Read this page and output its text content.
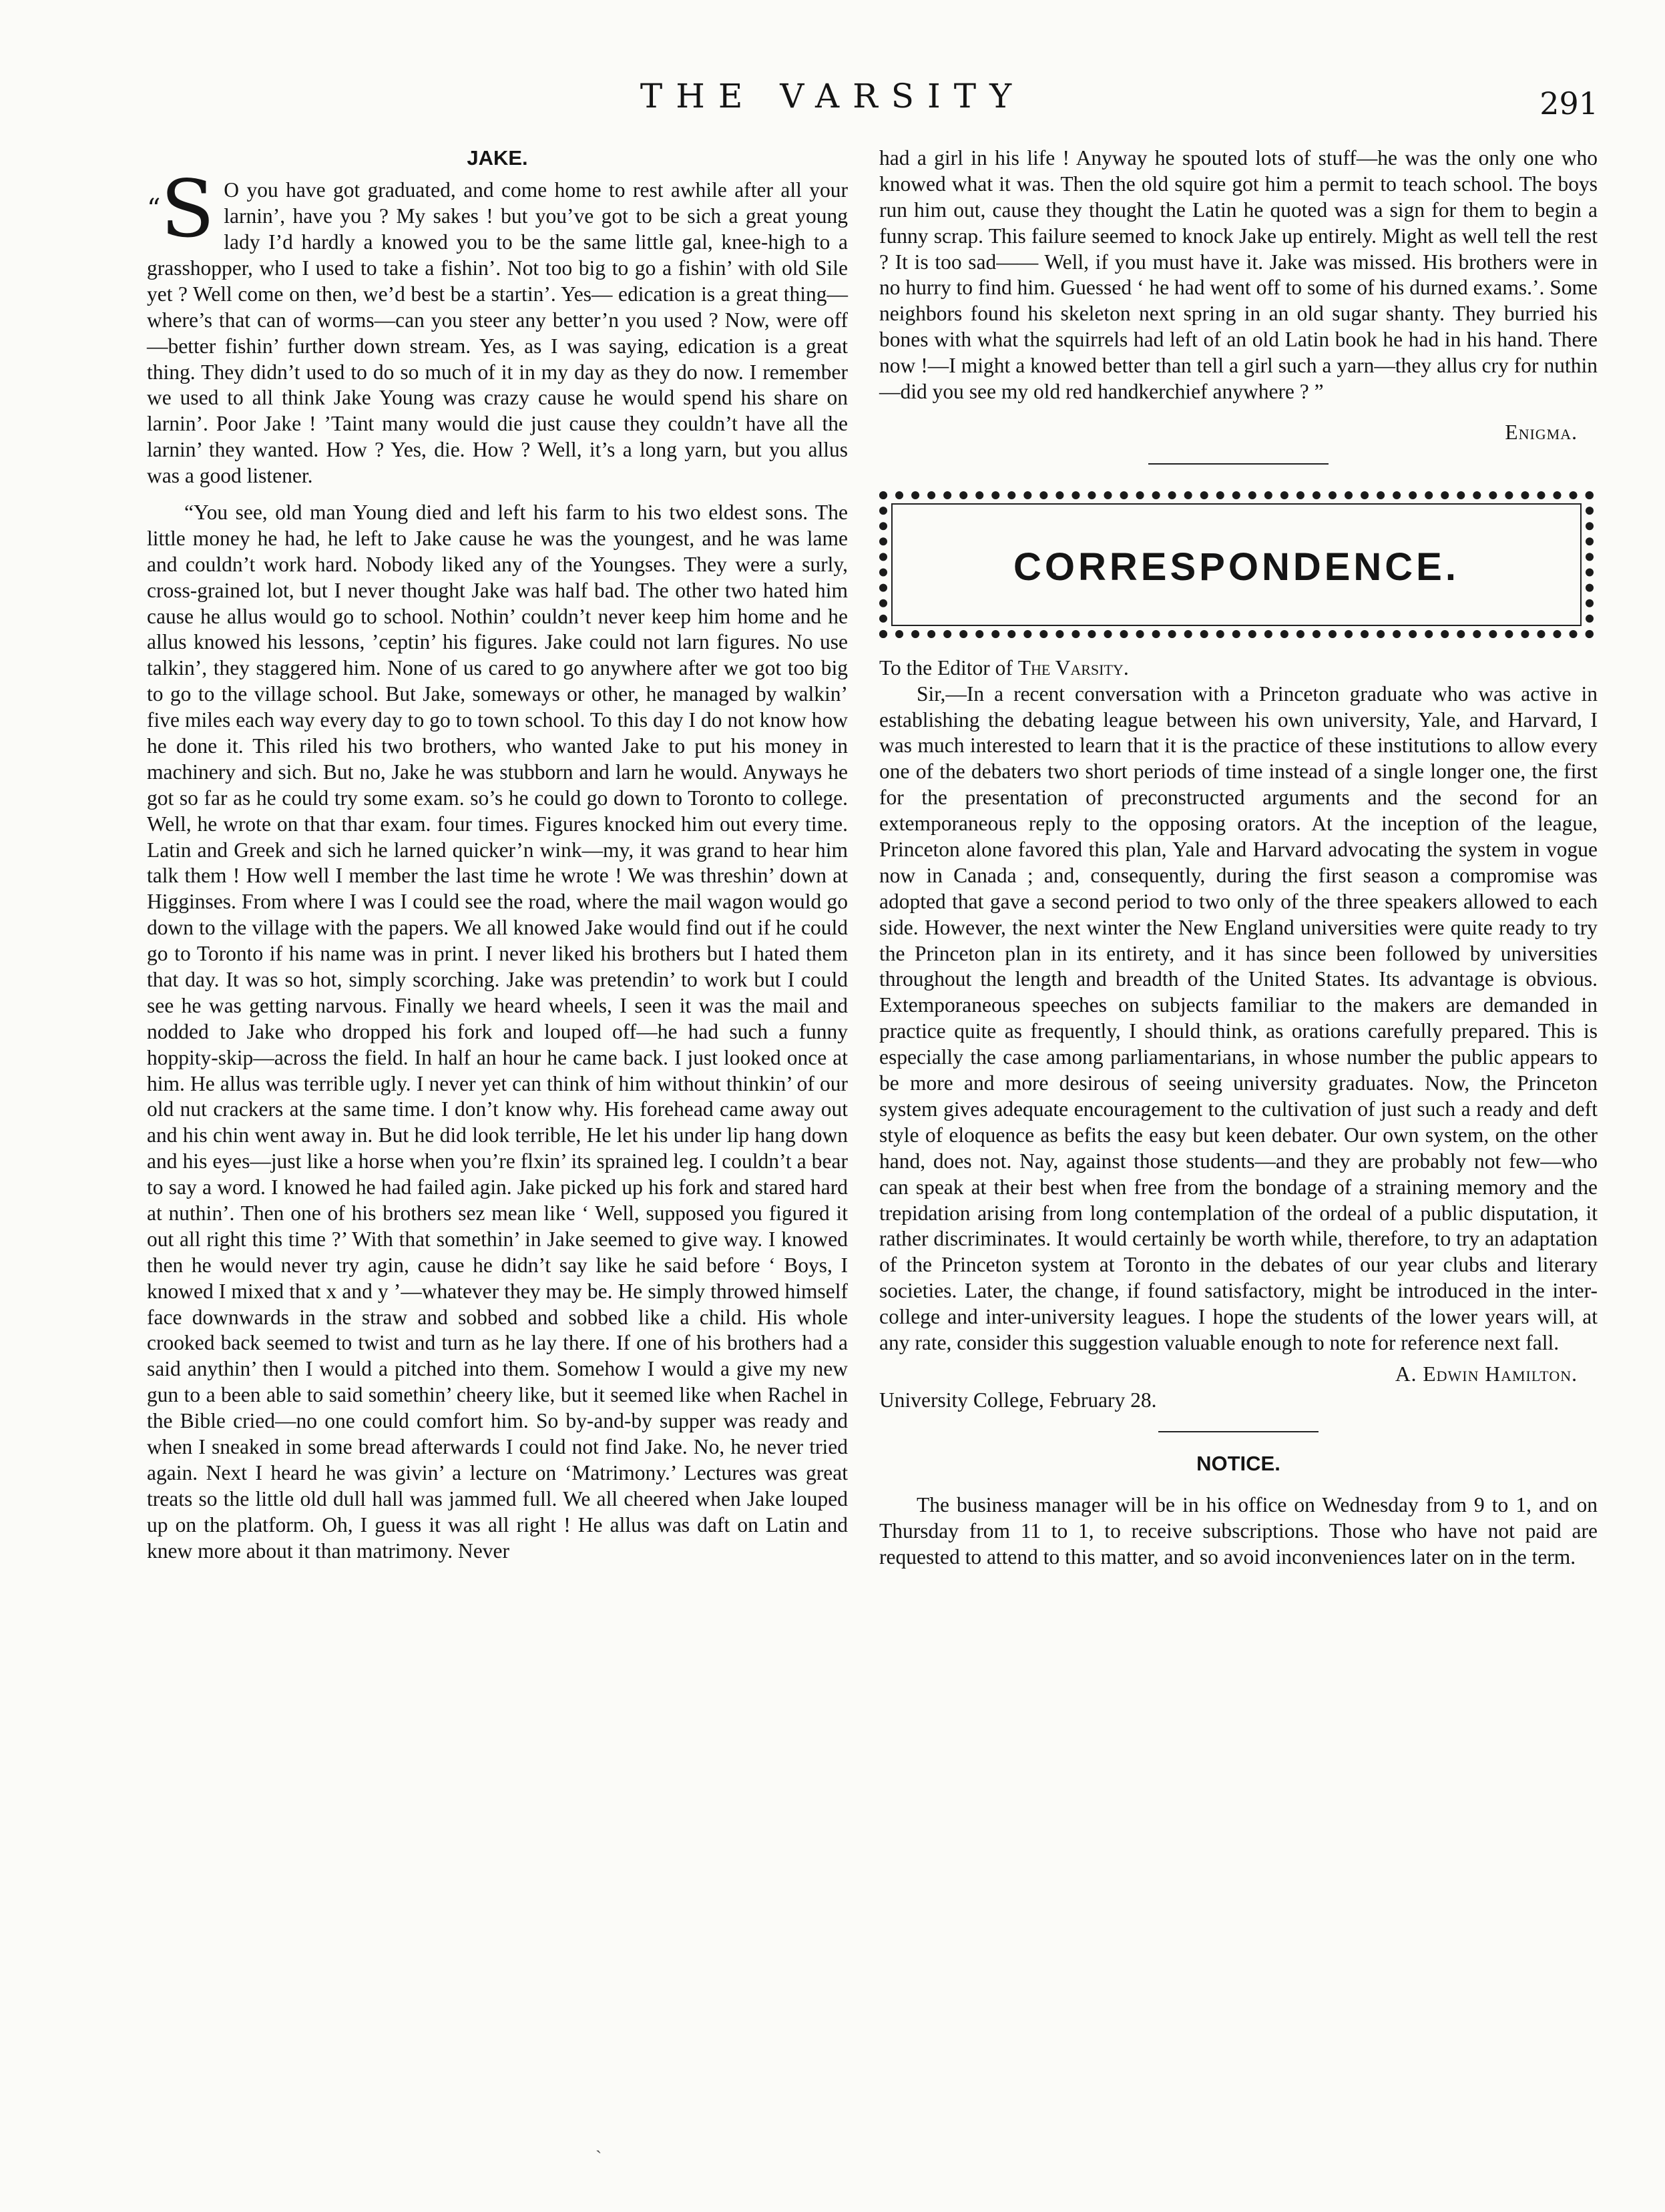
THE VARSITY	291
JAKE.

“S O you have got graduated, and come home to rest awhile after all your larnin’, have you ? My sakes ! but you’ve got to be sich a great young lady I’d hardly a knowed you to be the same little gal, knee-high to a grasshopper, who I used to take a fishin’. Not too big to go a fishin’ with old Sile yet ? Well come on then, we’d best be a startin’. Yes— edication is a great thing—where’s that can of worms—can you steer any better’n you used ? Now, were off—better fishin’ further down stream. Yes, as I was saying, edication is a great thing. They didn’t used to do so much of it in my day as they do now. I remember we used to all think Jake Young was crazy cause he would spend his share on larnin’. Poor Jake ! ’Taint many would die just cause they couldn’t have all the larnin’ they wanted. How ? Yes, die. How ? Well, it’s a long yarn, but you allus was a good listener.

“You see, old man Young died and left his farm to his two eldest sons. The little money he had, he left to Jake cause he was the youngest, and he was lame and couldn’t work hard. Nobody liked any of the Youngses. They were a surly, cross-grained lot, but I never thought Jake was half bad. The other two hated him cause he allus would go to school. Nothin’ couldn’t never keep him home and he allus knowed his lessons, ’ceptin’ his figures. Jake could not larn figures. No use talkin’, they staggered him. None of us cared to go anywhere after we got too big to go to the village school. But Jake, someways or other, he managed by walkin’ five miles each way every day to go to town school. To this day I do not know how he done it. This riled his two brothers, who wanted Jake to put his money in machinery and sich. But no, Jake he was stubborn and larn he would. Anyways he got so far as he could try some exam. so’s he could go down to Toronto to college. Well, he wrote on that thar exam. four times. Figures knocked him out every time. Latin and Greek and sich he larned quicker’n wink—my, it was grand to hear him talk them ! How well I member the last time he wrote ! We was threshin’ down at Higginses. From where I was I could see the road, where the mail wagon would go down to the village with the papers. We all knowed Jake would find out if he could go to Toronto if his name was in print. I never liked his brothers but I hated them that day. It was so hot, simply scorching. Jake was pretendin’ to work but I could see he was getting narvous. Finally we heard wheels, I seen it was the mail and nodded to Jake who dropped his fork and louped off—he had such a funny hoppity-skip—across the field. In half an hour he came back. I just looked once at him. He allus was terrible ugly. I never yet can think of him without thinkin’ of our old nut crackers at the same time. I don’t know why. His forehead came away out and his chin went away in. But he did look terrible, He let his under lip hang down and his eyes—just like a horse when you’re flxin’ its sprained leg. I couldn’t a bear to say a word. I knowed he had failed agin. Jake picked up his fork and stared hard at nuthin’. Then one of his brothers sez mean like ‘ Well, supposed you figured it out all right this time ?’ With that somethin’ in Jake seemed to give way. I knowed then he would never try agin, cause he didn’t say like he said before ‘ Boys, I knowed I mixed that x and y ’—whatever they may be. He simply throwed himself face downwards in the straw and sobbed and sobbed like a child. His whole crooked back seemed to twist and turn as he lay there. If one of his brothers had a said anythin’ then I would a pitched into them. Somehow I would a give my new gun to a been able to said somethin’ cheery like, but it seemed like when Rachel in the Bible cried—no one could comfort him. So by-and-by supper was ready and when I sneaked in some bread afterwards I could not find Jake. No, he never tried again. Next I heard he was givin’ a lecture on ‘Matrimony.’ Lectures was great treats so the little old dull hall was jammed full. We all cheered when Jake louped up on the platform. Oh, I guess it was all right ! He allus was daft on Latin and knew more about it than matrimony. Never

had a girl in his life ! Anyway he spouted lots of stuff—he was the only one who knowed what it was. Then the old squire got him a permit to teach school. The boys run him out, cause they thought the Latin he quoted was a sign for them to begin a funny scrap. This failure seemed to knock Jake up entirely. Might as well tell the rest ? It is too sad—— Well, if you must have it. Jake was missed. His brothers were in no hurry to find him. Guessed ‘ he had went off to some of his durned exams.’. Some neighbors found his skeleton next spring in an old sugar shanty. They burried his bones with what the squirrels had left of an old Latin book he had in his hand. There now !—I might a knowed better than tell a girl such a yarn—they allus cry for nuthin—did you see my old red handkerchief anywhere ? ”

Enigma.
CORRESPONDENCE.

To the Editor of The Varsity.

Sir,—In a recent conversation with a Princeton graduate who was active in establishing the debating league between his own university, Yale, and Harvard, I was much interested to learn that it is the practice of these institutions to allow every one of the debaters two short periods of time instead of a single longer one, the first for the presentation of preconstructed arguments and the second for an extemporaneous reply to the opposing orators. At the inception of the league, Princeton alone favored this plan, Yale and Harvard advocating the system in vogue now in Canada ; and, consequently, during the first season a compromise was adopted that gave a second period to two only of the three speakers allowed to each side. However, the next winter the New England universities were quite ready to try the Princeton plan in its entirety, and it has since been followed by universities throughout the length and breadth of the United States. Its advantage is obvious. Extemporaneous speeches on subjects familiar to the makers are demanded in practice quite as frequently, I should think, as orations carefully prepared. This is especially the case among parliamentarians, in whose number the public appears to be more and more desirous of seeing university graduates. Now, the Princeton system gives adequate encouragement to the cultivation of just such a ready and deft style of eloquence as befits the easy but keen debater. Our own system, on the other hand, does not. Nay, against those students—and they are probably not few—who can speak at their best when free from the bondage of a straining memory and the trepidation arising from long contemplation of the ordeal of a public disputation, it rather discriminates. It would certainly be worth while, therefore, to try an adaptation of the Princeton system at Toronto in the debates of our year clubs and literary societies. Later, the change, if found satisfactory, might be introduced in the inter-college and inter-university leagues. I hope the students of the lower years will, at any rate, consider this suggestion valuable enough to note for reference next fall.

A. Edwin Hamilton.

University College, February 28.

NOTICE.

The business manager will be in his office on Wednesday from 9 to 1, and on Thursday from 11 to 1, to receive subscriptions. Those who have not paid are requested to attend to this matter, and so avoid inconveniences later on in the term.

ˎ
